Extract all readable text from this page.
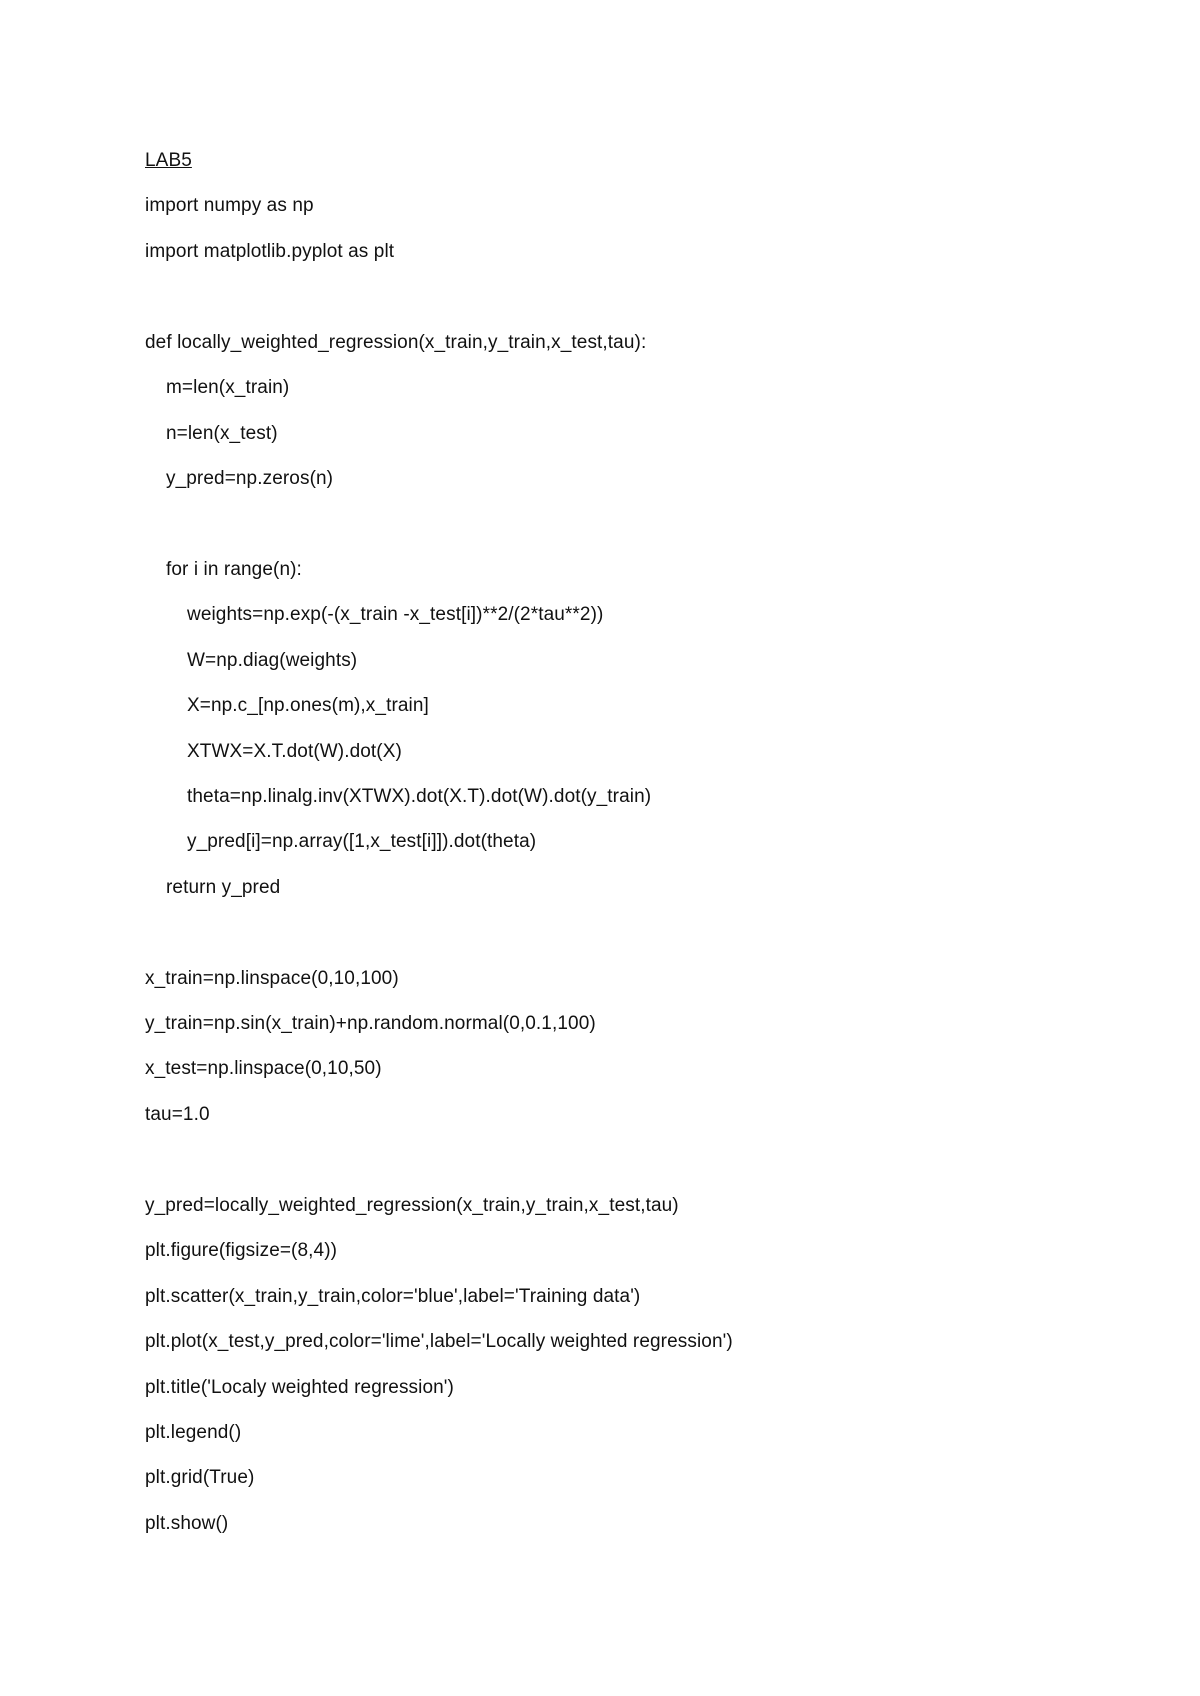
LAB5
import numpy as np
import matplotlib.pyplot as plt
def locally_weighted_regression(x_train,y_train,x_test,tau):
m=len(x_train)
n=len(x_test)
y_pred=np.zeros(n)
for i in range(n):
weights=np.exp(-(x_train -x_test[i])**2/(2*tau**2))
W=np.diag(weights)
X=np.c_[np.ones(m),x_train]
XTWX=X.T.dot(W).dot(X)
theta=np.linalg.inv(XTWX).dot(X.T).dot(W).dot(y_train)
y_pred[i]=np.array([1,x_test[i]]).dot(theta)
return y_pred
x_train=np.linspace(0,10,100)
y_train=np.sin(x_train)+np.random.normal(0,0.1,100)
x_test=np.linspace(0,10,50)
tau=1.0
y_pred=locally_weighted_regression(x_train,y_train,x_test,tau)
plt.figure(figsize=(8,4))
plt.scatter(x_train,y_train,color='blue',label='Training data')
plt.plot(x_test,y_pred,color='lime',label='Locally weighted regression')
plt.title('Localy weighted regression')
plt.legend()
plt.grid(True)
plt.show()
